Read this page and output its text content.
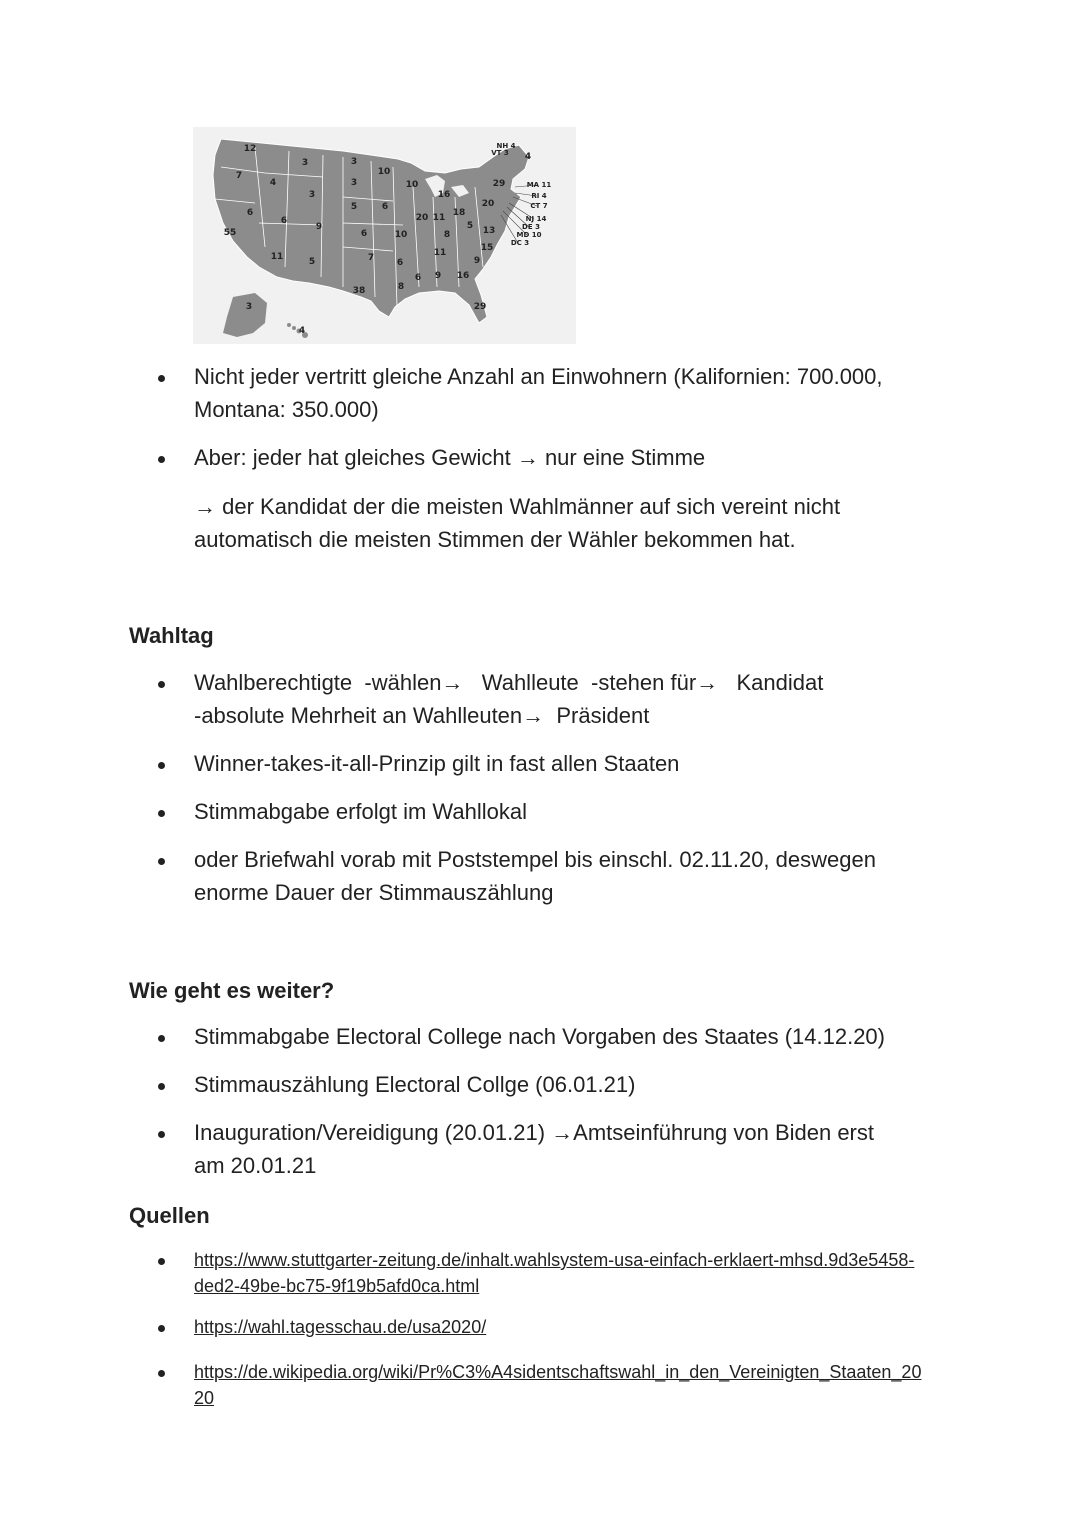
12
7
3	3
10
4	3	10
16
3
5
6
6
6
9
20 11 18
55	6	10	8
5 13
11	15
11	5	7	6	9
6 9 16
38	8
29
3
4
29
20
4
NH 4
VT 3
MA 11
RI 4
CT 7
NJ 14
DE 3
MD 10
DC 3
Nicht jeder vertritt gleiche Anzahl an Einwohnern (Kalifornien: 700.000,
Montana: 350.000)
Aber: jeder hat gleiches Gewicht → nur eine Stimme
→ der Kandidat der die meisten Wahlmänner auf sich vereint nicht
automatisch die meisten Stimmen der Wähler bekommen hat.
Wahltag
Wahlberechtigte  -wählen→   Wahlleute  -stehen für→   Kandidat
-absolute Mehrheit an Wahlleuten→  Präsident
Winner-takes-it-all-Prinzip gilt in fast allen Staaten
Stimmabgabe erfolgt im Wahllokal
oder Briefwahl vorab mit Poststempel bis einschl. 02.11.20, deswegen
enorme Dauer der Stimmauszählung
Wie geht es weiter?
Stimmabgabe Electoral College nach Vorgaben des Staates (14.12.20)
Stimmauszählung Electoral Collge (06.01.21)
Inauguration/Vereidigung (20.01.21) →Amtseinführung von Biden erst
am 20.01.21
Quellen
https://www.stuttgarter-zeitung.de/inhalt.wahlsystem-usa-einfach-erklaert-mhsd.9d3e5458-
ded2-49be-bc75-9f19b5afd0ca.html
https://wahl.tagesschau.de/usa2020/
https://de.wikipedia.org/wiki/Pr%C3%A4sidentschaftswahl_in_den_Vereinigten_Staaten_20
20
